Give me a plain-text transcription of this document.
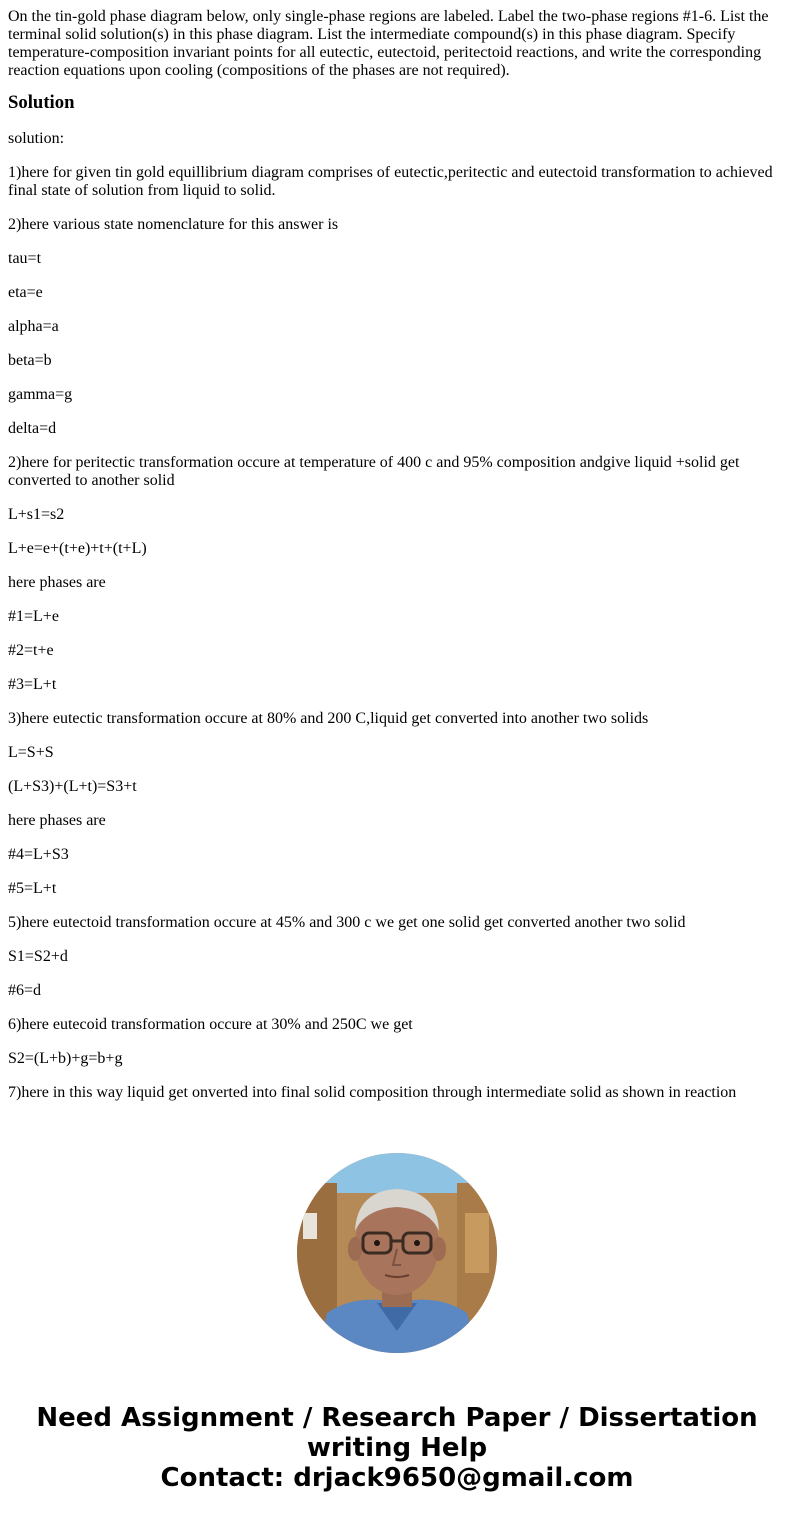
On the tin-gold phase diagram below, only single-phase regions are labeled. Label the two-phase regions #1-6. List the terminal solid solution(s) in this phase diagram. List the intermediate compound(s) in this phase diagram. Specify temperature-composition invariant points for all eutectic, eutectoid, peritectoid reactions, and write the corresponding reaction equations upon cooling (compositions of the phases are not required).
Solution

solution:

1)here for given tin gold equillibrium diagram comprises of eutectic,peritectic and eutectoid transformation to achieved final state of solution from liquid to solid.

2)here various state nomenclature for this answer is

tau=t

eta=e

alpha=a

beta=b

gamma=g

delta=d

2)here for peritectic transformation occure at temperature of 400 c and 95% composition andgive liquid +solid get converted to another solid

L+s1=s2

L+e=e+(t+e)+t+(t+L)

here phases are

#1=L+e

#2=t+e

#3=L+t

3)here eutectic transformation occure at 80% and 200 C,liquid get converted into another two solids

L=S+S

(L+S3)+(L+t)=S3+t

here phases are

#4=L+S3

#5=L+t

5)here eutectoid transformation occure at 45% and 300 c we get one solid get converted another two solid

S1=S2+d

#6=d

6)here eutecoid transformation occure at 30% and 250C we get

S2=(L+b)+g=b+g

7)here in this way liquid get onverted into final solid composition through intermediate solid as shown in reaction

Need Assignment / Research Paper / Dissertation
writing Help
Contact: drjack9650@gmail.com
